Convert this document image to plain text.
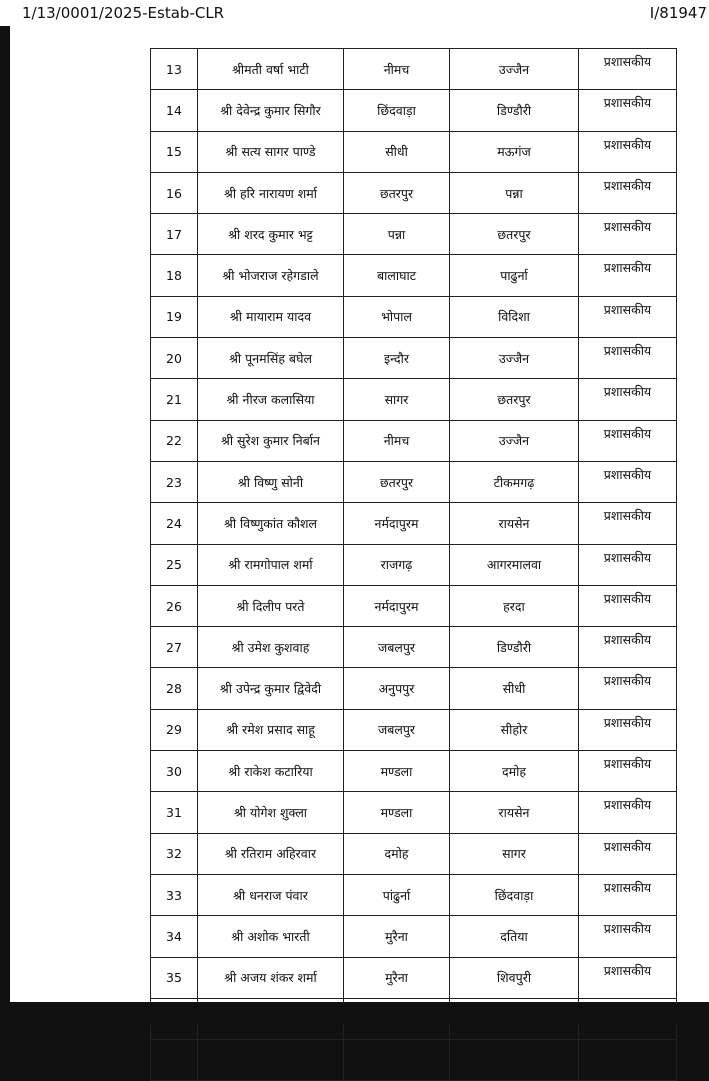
1/13/0001/2025-Estab-CLR	I/81947
13	श्रीमती वर्षा भाटी	नीमच	उज्जैन	प्रशासकीय
14	श्री देवेन्द्र कुमार सिगौर	छिंदवाड़ा	डिण्डौरी	प्रशासकीय
15	श्री सत्य सागर पाण्डे	सीधी	मऊगंज	प्रशासकीय
16	श्री हरि नारायण शर्मा	छतरपुर	पन्ना	प्रशासकीय
17	श्री शरद कुमार भट्ट	पन्ना	छतरपुर	प्रशासकीय
18	श्री भोजराज रहेगडाले	बालाघाट	पाढुर्ना	प्रशासकीय
19	श्री मायाराम यादव	भोपाल	विदिशा	प्रशासकीय
20	श्री पूनमसिंह बघेल	इन्दौर	उज्जैन	प्रशासकीय
21	श्री नीरज कलासिया	सागर	छतरपुर	प्रशासकीय
22	श्री सुरेश कुमार निर्बान	नीमच	उज्जैन	प्रशासकीय
23	श्री विष्णु सोनी	छतरपुर	टीकमगढ़	प्रशासकीय
24	श्री विष्णुकांत कौशल	नर्मदापुरम	रायसेन	प्रशासकीय
25	श्री रामगोपाल शर्मा	राजगढ़	आगरमालवा	प्रशासकीय
26	श्री दिलीप परते	नर्मदापुरम	हरदा	प्रशासकीय
27	श्री उमेश कुशवाह	जबलपुर	डिण्डौरी	प्रशासकीय
28	श्री उपेन्द्र कुमार द्विवेदी	अनुपपुर	सीधी	प्रशासकीय
29	श्री रमेश प्रसाद साहू	जबलपुर	सीहोर	प्रशासकीय
30	श्री राकेश कटारिया	मण्डला	दमोह	प्रशासकीय
31	श्री योगेश शुक्ला	मण्डला	रायसेन	प्रशासकीय
32	श्री रतिराम अहिरवार	दमोह	सागर	प्रशासकीय
33	श्री धनराज पंवार	पांढुर्ना	छिंदवाड़ा	प्रशासकीय
34	श्री अशोक भारती	मुरैना	दतिया	प्रशासकीय
35	श्री अजय शंकर शर्मा	मुरैना	शिवपुरी	प्रशासकीय

37	श्री हिम्मतसिंह सनोडिया	सिवनी	बैतूल	प्रशासकीय
